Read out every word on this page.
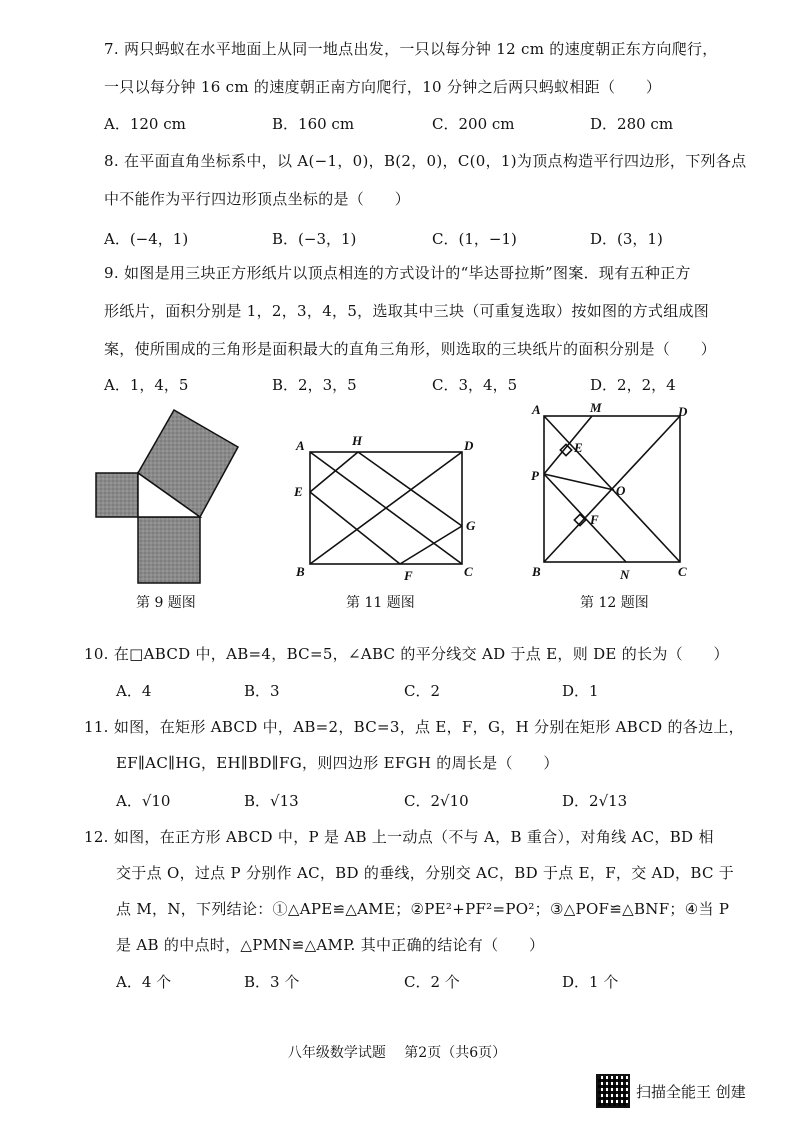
7. 两只蚂蚁在水平地面上从同一地点出发，一只以每分钟 12 cm 的速度朝正东方向爬行，
一只以每分钟 16 cm 的速度朝正南方向爬行，10 分钟之后两只蚂蚁相距（　　）
A．120 cm	B．160 cm	C．200 cm	D．280 cm
8. 在平面直角坐标系中，以 A(−1，0)，B(2，0)，C(0，1)为顶点构造平行四边形，下列各点
中不能作为平行四边形顶点坐标的是（　　）
A．(−4，1)	B．(−3，1)	C．(1，−1)	D．(3，1)
9. 如图是用三块正方形纸片以顶点相连的方式设计的“毕达哥拉斯”图案．现有五种正方
形纸片，面积分别是 1，2，3，4，5，选取其中三块（可重复选取）按如图的方式组成图
案，使所围成的三角形是面积最大的直角三角形，则选取的三块纸片的面积分别是（　　）
A．1，4，5	B．2，3，5	C．3，4，5	D．2，2，4
第 9 题图
A	H	D
E
G
B	F	C
第 11 题图
A	M	D
E
P
O
F
B	N	C
第 12 题图
10. 在□ABCD 中，AB=4，BC=5，∠ABC 的平分线交 AD 于点 E，则 DE 的长为（　　）
A．4	B．3	C．2	D．1
11. 如图，在矩形 ABCD 中，AB=2，BC=3，点 E，F，G，H 分别在矩形 ABCD 的各边上，
EF∥AC∥HG，EH∥BD∥FG，则四边形 EFGH 的周长是（　　）
A．√10	B．√13	C．2√10	D．2√13
12. 如图，在正方形 ABCD 中，P 是 AB 上一动点（不与 A，B 重合），对角线 AC，BD 相
交于点 O，过点 P 分别作 AC，BD 的垂线，分别交 AC，BD 于点 E，F，交 AD，BC 于
点 M，N，下列结论：①△APE≌△AME；②PE²+PF²=PO²；③△POF≌△BNF；④当 P
是 AB 的中点时，△PMN≌△AMP. 其中正确的结论有（　　）
A．4 个	B．3 个	C．2 个	D．1 个
八年级数学试题　 第2页（共6页）
扫描全能王 创建
